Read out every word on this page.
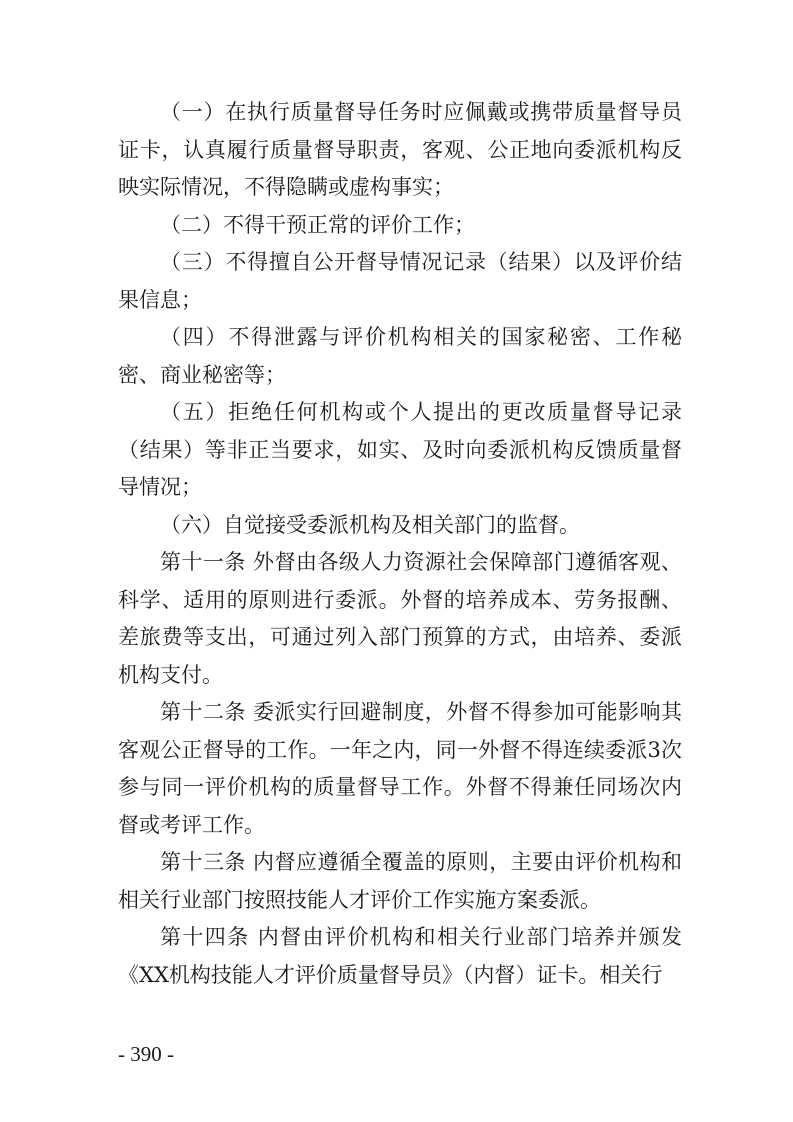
（一）在执行质量督导任务时应佩戴或携带质量督导员证卡，认真履行质量督导职责，客观、公正地向委派机构反映实际情况，不得隐瞒或虚构事实；

（二）不得干预正常的评价工作；

（三）不得擅自公开督导情况记录（结果）以及评价结果信息；

（四）不得泄露与评价机构相关的国家秘密、工作秘密、商业秘密等；

（五）拒绝任何机构或个人提出的更改质量督导记录（结果）等非正当要求，如实、及时向委派机构反馈质量督导情况；

（六）自觉接受委派机构及相关部门的监督。

第十一条 外督由各级人力资源社会保障部门遵循客观、科学、适用的原则进行委派。外督的培养成本、劳务报酬、差旅费等支出，可通过列入部门预算的方式，由培养、委派机构支付。

第十二条 委派实行回避制度，外督不得参加可能影响其客观公正督导的工作。一年之内，同一外督不得连续委派3次参与同一评价机构的质量督导工作。外督不得兼任同场次内督或考评工作。

第十三条 内督应遵循全覆盖的原则，主要由评价机构和相关行业部门按照技能人才评价工作实施方案委派。

第十四条 内督由评价机构和相关行业部门培养并颁发《XX机构技能人才评价质量督导员》（内督）证卡。相关行

- 390 -
